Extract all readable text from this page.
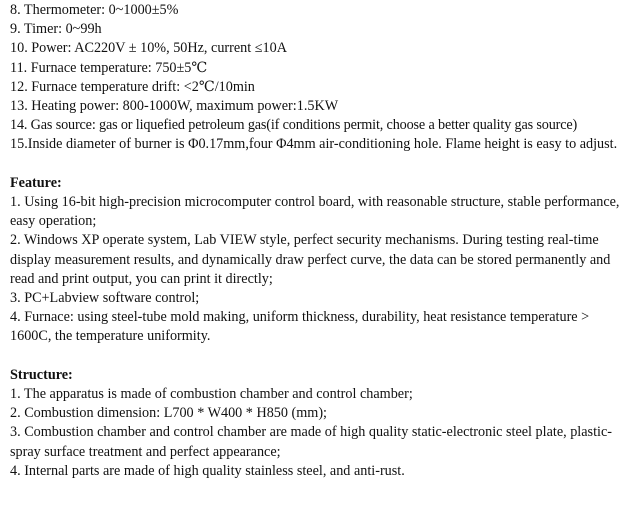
8. Thermometer: 0~1000±5%
9. Timer: 0~99h
10. Power: AC220V ± 10%, 50Hz, current ≤10A
11. Furnace temperature: 750±5℃
12. Furnace temperature drift: <2℃/10min
13. Heating power: 800-1000W, maximum power:1.5KW
14. Gas source: gas or liquefied petroleum gas(if conditions permit, choose a better quality gas source)
15.Inside diameter of burner is Φ0.17mm,four Φ4mm air-conditioning hole. Flame height is easy to adjust.
Feature:
1. Using 16-bit high-precision microcomputer control board, with reasonable structure, stable performance, easy operation;
2. Windows XP operate system, Lab VIEW style, perfect security mechanisms. During testing real-time display measurement results, and dynamically draw perfect curve, the data can be stored permanently and read and print output, you can print it directly;
3. PC+Labview software control;
4. Furnace: using steel-tube mold making, uniform thickness, durability, heat resistance temperature > 1600C, the temperature uniformity.
Structure:
1. The apparatus is made of combustion chamber and control chamber;
2. Combustion dimension: L700 * W400 * H850 (mm);
3. Combustion chamber and control chamber are made of high quality static-electronic steel plate, plastic-spray surface treatment and perfect appearance;
4. Internal parts are made of high quality stainless steel, and anti-rust.
